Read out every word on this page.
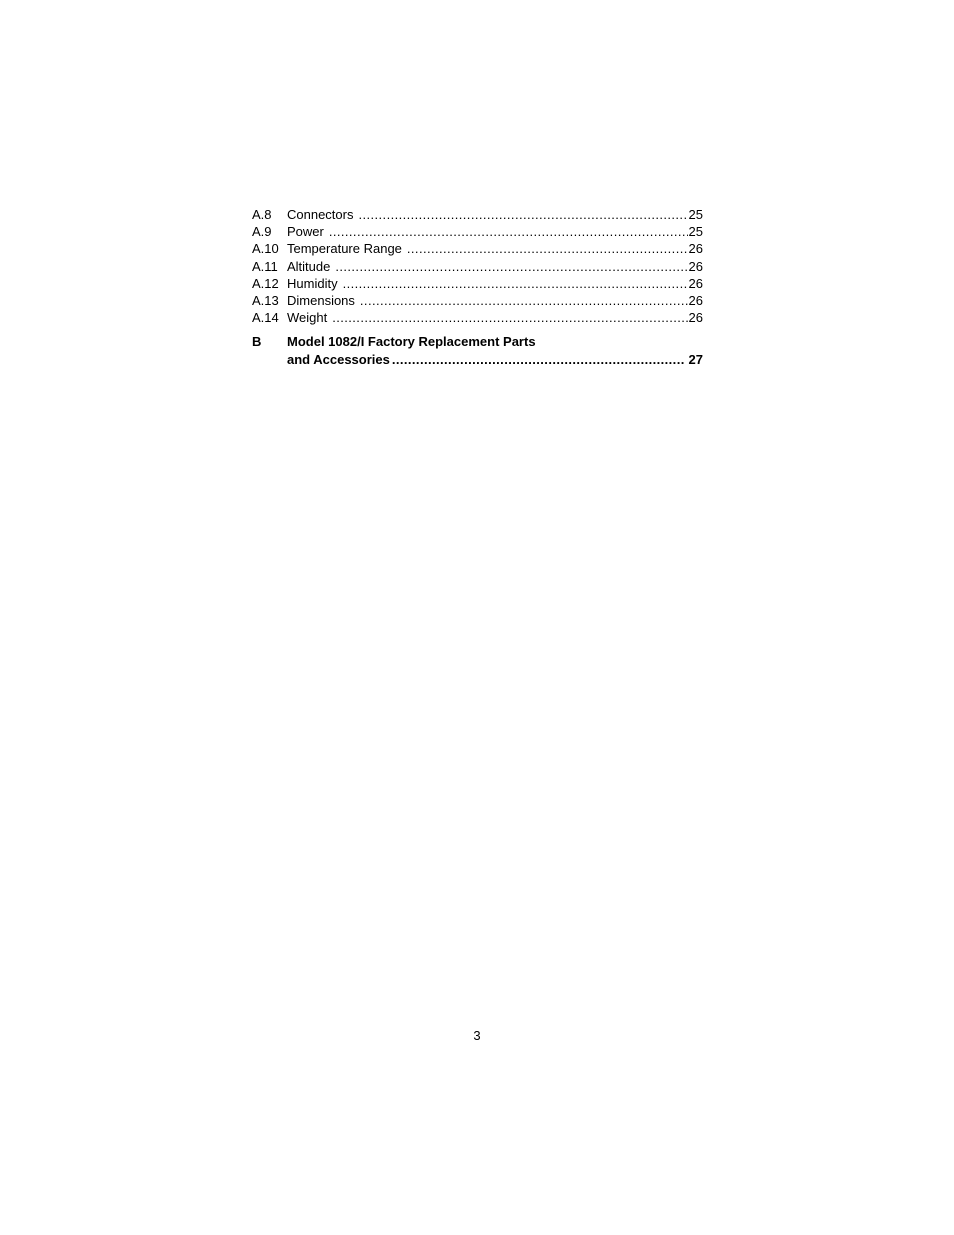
A.8	Connectors .....	25
A.9	Power .....	25
A.10 Temperature Range .....	26
A.11 Altitude .....	26
A.12 Humidity .....	26
A.13 Dimensions .....	26
A.14 Weight .....	26
B	Model 1082/I Factory Replacement Parts
and Accessories .....	27
3
